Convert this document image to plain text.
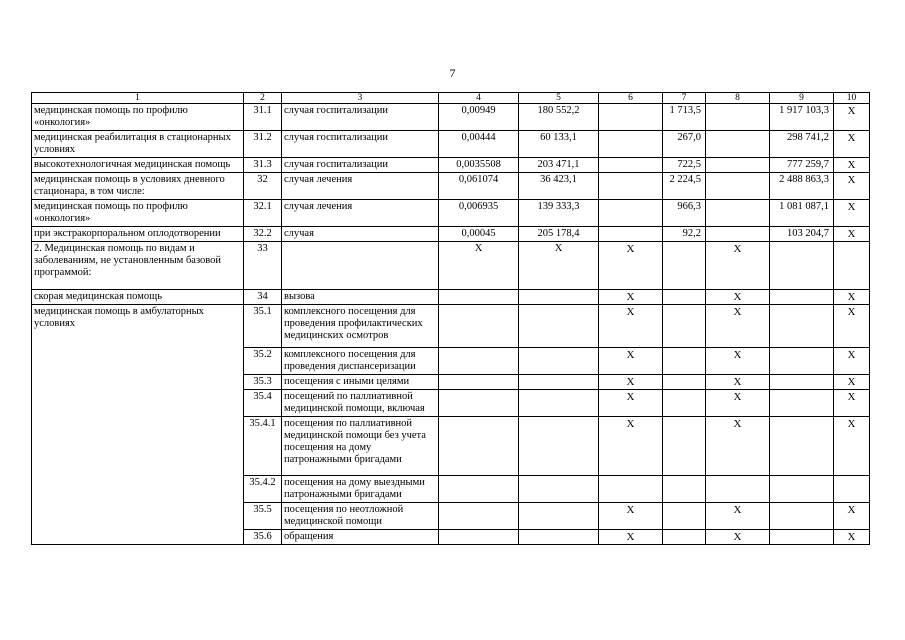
7
1	2	3	4	5	6	7	8	9	10
медицинская помощь по профилю «онкология»	31.1	случая госпитализации	0,00949	180 552,2		1 713,5		1 917 103,3	Х
медицинская реабилитация в стационарных условиях	31.2	случая госпитализации	0,00444	60 133,1		267,0		298 741,2	Х
высокотехнологичная медицинская помощь	31.3	случая госпитализации	0,0035508	203 471,1		722,5		777 259,7	Х
медицинская помощь в условиях дневного стационара, в том числе:	32	случая лечения	0,061074	36 423,1		2 224,5		2 488 863,3	Х
медицинская помощь по профилю «онкология»	32.1	случая лечения	0,006935	139 333,3		966,3		1 081 087,1	Х
при экстракорпоральном оплодотворении	32.2	случая	0,00045	205 178,4		92,2		103 204,7	Х
2. Медицинская помощь по видам и заболеваниям, не установленным базовой программой:	33		Х	Х	Х		Х		
скорая медицинская помощь	34	вызова			Х		Х		Х
медицинская помощь в амбулаторных условиях	35.1	комплексного посещения для проведения профилактических медицинских осмотров			Х		Х		Х
	35.2	комплексного посещения для проведения диспансеризации			Х		Х		Х
	35.3	посещения с иными целями			Х		Х		Х
	35.4	посещений по паллиативной медицинской помощи, включая			Х		Х		Х
	35.4.1	посещения по паллиативной медицинской помощи без учета посещения на дому патронажными бригадами			Х		Х		Х
	35.4.2	посещения на дому выездными патронажными бригадами							
	35.5	посещения по неотложной медицинской помощи			Х		Х		Х
	35.6	обращения			Х		Х		Х
